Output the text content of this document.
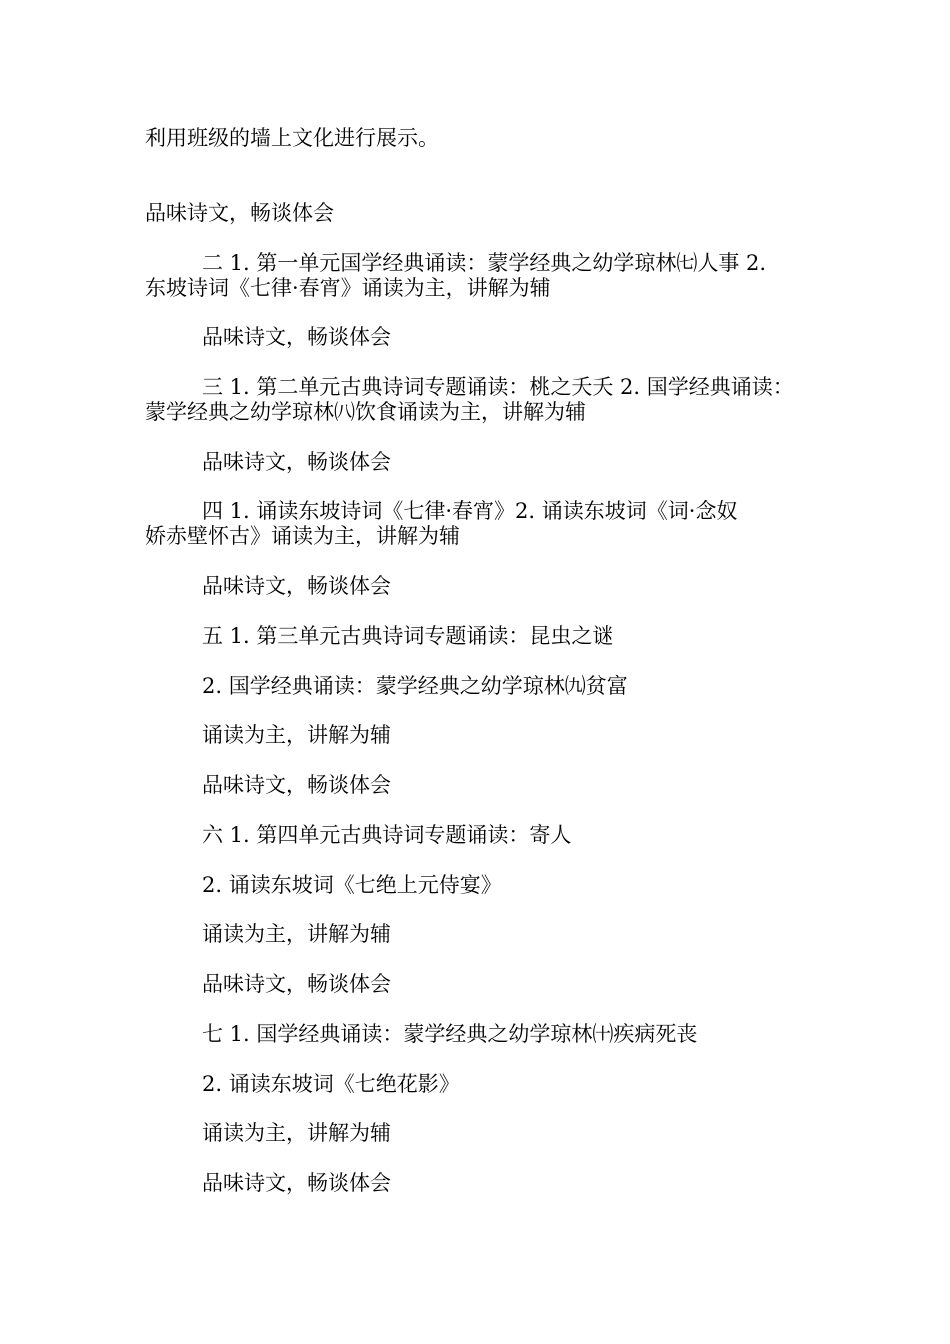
利用班级的墙上文化进行展示。

品味诗文，畅谈体会

二 1. 第一单元国学经典诵读：蒙学经典之幼学琼林㈦人事 2.
东坡诗词《七律·春宵》诵读为主，讲解为辅

品味诗文，畅谈体会

三 1. 第二单元古典诗词专题诵读：桃之夭夭 2. 国学经典诵读：
蒙学经典之幼学琼林㈧饮食诵读为主，讲解为辅

品味诗文，畅谈体会

四 1. 诵读东坡诗词《七律·春宵》2. 诵读东坡词《词·念奴
娇赤壁怀古》诵读为主，讲解为辅

品味诗文，畅谈体会

五 1. 第三单元古典诗词专题诵读：昆虫之谜

2. 国学经典诵读：蒙学经典之幼学琼林㈨贫富

诵读为主，讲解为辅

品味诗文，畅谈体会

六 1. 第四单元古典诗词专题诵读：寄人

2. 诵读东坡词《七绝上元侍宴》

诵读为主，讲解为辅

品味诗文，畅谈体会

七 1. 国学经典诵读：蒙学经典之幼学琼林㈩疾病死丧

2. 诵读东坡词《七绝花影》

诵读为主，讲解为辅

品味诗文，畅谈体会
